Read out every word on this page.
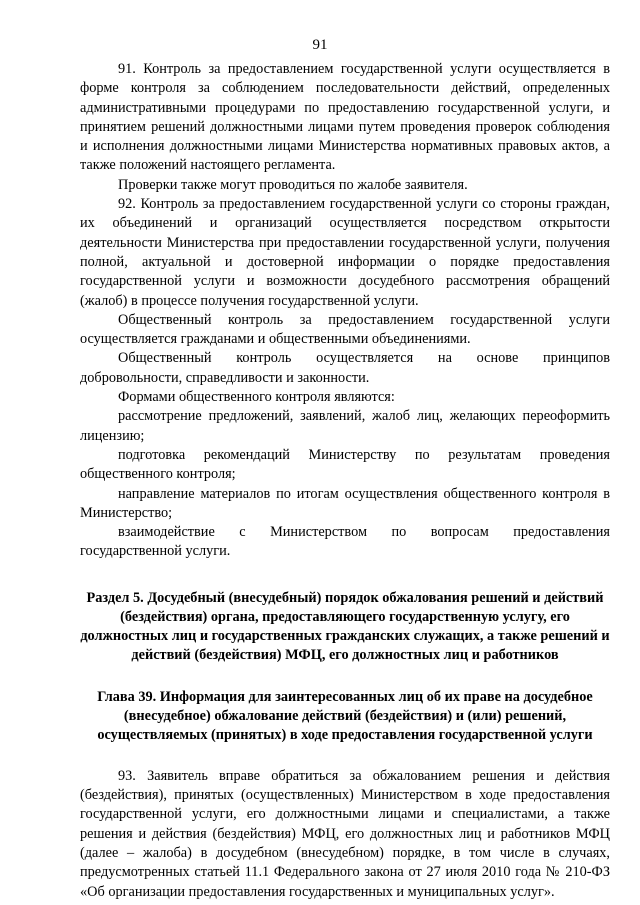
91

91. Контроль за предоставлением государственной услуги осуществляется в форме контроля за соблюдением последовательности действий, определенных административными процедурами по предоставлению государственной услуги, и принятием решений должностными лицами путем проведения проверок соблюдения и исполнения должностными лицами Министерства нормативных правовых актов, а также положений настоящего регламента.

Проверки также могут проводиться по жалобе заявителя.

92. Контроль за предоставлением государственной услуги со стороны граждан, их объединений и организаций осуществляется посредством открытости деятельности Министерства при предоставлении государственной услуги, получения полной, актуальной и достоверной информации о порядке предоставления государственной услуги и возможности досудебного рассмотрения обращений (жалоб) в процессе получения государственной услуги.

Общественный контроль за предоставлением государственной услуги осуществляется гражданами и общественными объединениями.

Общественный контроль осуществляется на основе принципов добровольности, справедливости и законности.

Формами общественного контроля являются:

рассмотрение предложений, заявлений, жалоб лиц, желающих переоформить лицензию;

подготовка рекомендаций Министерству по результатам проведения общественного контроля;

направление материалов по итогам осуществления общественного контроля в Министерство;

взаимодействие с Министерством по вопросам предоставления государственной услуги.

Раздел 5. Досудебный (внесудебный) порядок обжалования решений и действий (бездействия) органа, предоставляющего государственную услугу, его должностных лиц и государственных гражданских служащих, а также решений и действий (бездействия) МФЦ, его должностных лиц и работников

Глава 39. Информация для заинтересованных лиц об их праве на досудебное (внесудебное) обжалование действий (бездействия) и (или) решений, осуществляемых (принятых) в ходе предоставления государственной услуги

93. Заявитель вправе обратиться за обжалованием решения и действия (бездействия), принятых (осуществленных) Министерством в ходе предоставления государственной услуги, его должностными лицами и специалистами, а также решения и действия (бездействия) МФЦ, его должностных лиц и работников МФЦ (далее – жалоба) в досудебном (внесудебном) порядке, в том числе в случаях, предусмотренных статьей 11.1 Федерального закона от 27 июля 2010 года № 210-ФЗ «Об организации предоставления государственных и муниципальных услуг».
